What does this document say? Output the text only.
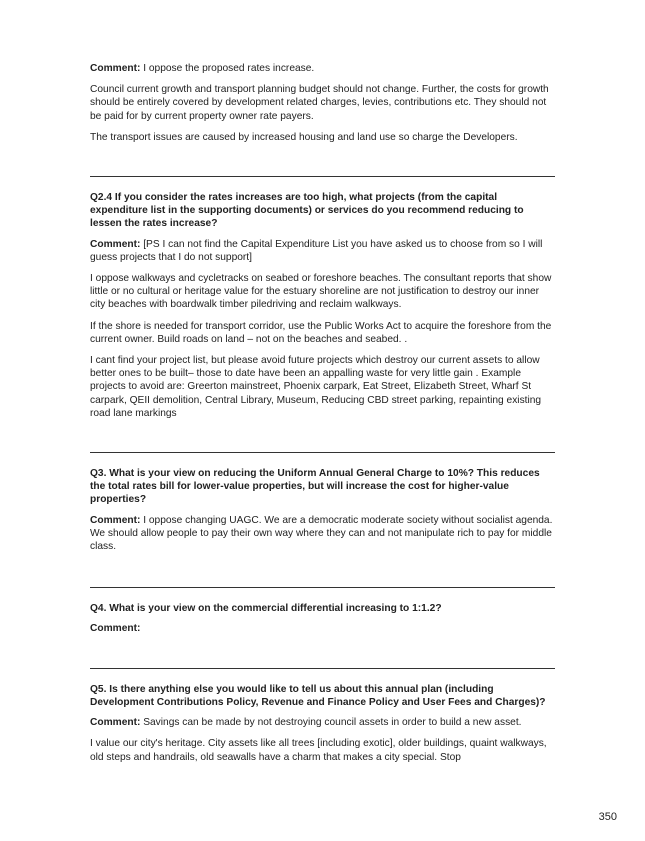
Comment: I oppose the proposed rates increase.

Council current growth and transport planning budget should not change. Further, the costs for growth should be entirely covered by development related charges, levies, contributions etc. They should not be paid for by current property owner rate payers.

The transport issues are caused by increased housing and land use so charge the Developers.

Q2.4 If you consider the rates increases are too high, what projects (from the capital expenditure list in the supporting documents) or services do you recommend reducing to lessen the rates increase?

Comment: [PS I can not find the Capital Expenditure List you have asked us to choose from so I will guess projects that I do not support]

I oppose walkways and cycletracks on seabed or foreshore beaches. The consultant reports that show little or no cultural or heritage value for the estuary shoreline are not justification to destroy our inner city beaches with boardwalk timber piledriving and reclaim walkways.

If the shore is needed for transport corridor, use the Public Works Act to acquire the foreshore from the current owner. Build roads on land – not on the beaches and seabed. .

I cant find your project list, but please avoid future projects which destroy our current assets to allow better ones to be built– those to date have been an appalling waste for very little gain . Example projects to avoid are: Greerton mainstreet, Phoenix carpark, Eat Street, Elizabeth Street, Wharf St carpark, QEII demolition, Central Library, Museum, Reducing CBD street parking, repainting existing road lane markings

Q3. What is your view on reducing the Uniform Annual General Charge to 10%? This reduces the total rates bill for lower-value properties, but will increase the cost for higher-value properties?

Comment: I oppose changing UAGC. We are a democratic moderate society without socialist agenda. We should allow people to pay their own way where they can and not manipulate rich to pay for middle class.

Q4. What is your view on the commercial differential increasing to 1:1.2?

Comment:

Q5. Is there anything else you would like to tell us about this annual plan (including Development Contributions Policy, Revenue and Finance Policy and User Fees and Charges)?

Comment: Savings can be made by not destroying council assets in order to build a new asset.

I value our city's heritage. City assets like all trees [including exotic], older buildings, quaint walkways, old steps and handrails, old seawalls have a charm that makes a city special. Stop

350
